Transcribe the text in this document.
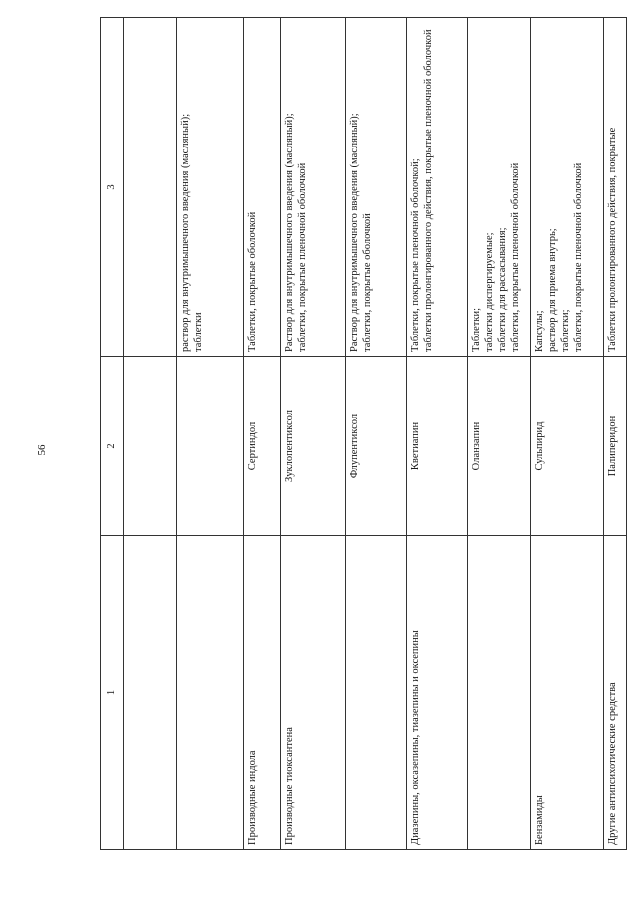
56
1	2	3

		раствор для внутримышечного введения (масляный);
таблетки
Производные индола	Сертиндол	Таблетки, покрытые оболочкой
Производные тиоксантена	Зуклопентиксол	Раствор для внутримышечного введения (масляный);
таблетки, покрытые пленочной оболочкой
	Флупентиксол	Раствор для внутримышечного введения (масляный);
таблетки, покрытые оболочкой
Диазепины, оксазепины, тиазепины и оксепины	Кветиапин	Таблетки, покрытые пленочной оболочкой;
таблетки пролонгированного действия, покрытые пленочной оболочкой
	Оланзапин	Таблетки;
таблетки диспергируемые;
таблетки для рассасывания;
таблетки, покрытые пленочной оболочкой
Бензамиды	Сульпирид	Капсулы;
раствор для приема внутрь;
таблетки;
таблетки, покрытые пленочной оболочкой
Другие антипсихотические средства	Палиперидон	Таблетки пролонгированного действия, покрытые
